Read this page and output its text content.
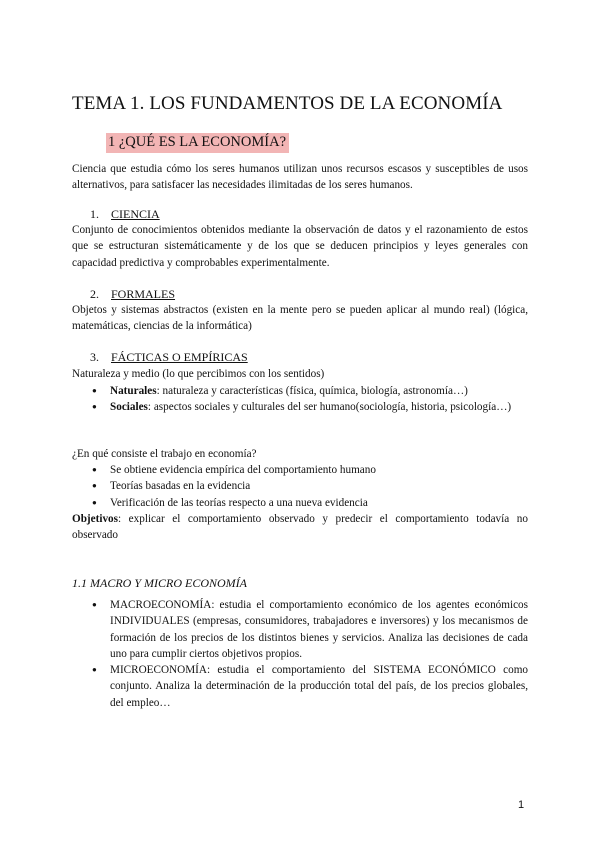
TEMA 1. LOS FUNDAMENTOS DE LA ECONOMÍA
1 ¿QUÉ ES LA ECONOMÍA?

Ciencia que estudia cómo los seres humanos utilizan unos recursos escasos y susceptibles de usos alternativos, para satisfacer las necesidades ilimitadas de los seres humanos.

1. CIENCIA

Conjunto de conocimientos obtenidos mediante la observación de datos y el razonamiento de estos que se estructuran sistemáticamente y de los que se deducen principios y leyes generales con capacidad predictiva y comprobables experimentalmente.

2. FORMALES

Objetos y sistemas abstractos (existen en la mente pero se pueden aplicar al mundo real) (lógica, matemáticas, ciencias de la informática)

3. FÁCTICAS O EMPÍRICAS

Naturaleza y medio (lo que percibimos con los sentidos)

● Naturales: naturaleza y características (física, química, biología, astronomía…)
● Sociales: aspectos sociales y culturales del ser humano(sociología, historia, psicología…)

¿En qué consiste el trabajo en economía?

● Se obtiene evidencia empírica del comportamiento humano
● Teorías basadas en la evidencia
● Verificación de las teorías respecto a una nueva evidencia

Objetivos: explicar el comportamiento observado y predecir el comportamiento todavía no observado

1.1 MACRO Y MICRO ECONOMÍA
● MACROECONOMÍA: estudia el comportamiento económico de los agentes económicos INDIVIDUALES (empresas, consumidores, trabajadores e inversores) y los mecanismos de formación de los precios de los distintos bienes y servicios. Analiza las decisiones de cada uno para cumplir ciertos objetivos propios.
● MICROECONOMÍA: estudia el comportamiento del SISTEMA ECONÓMICO como conjunto. Analiza la determinación de la producción total del país, de los precios globales, del empleo…
1
